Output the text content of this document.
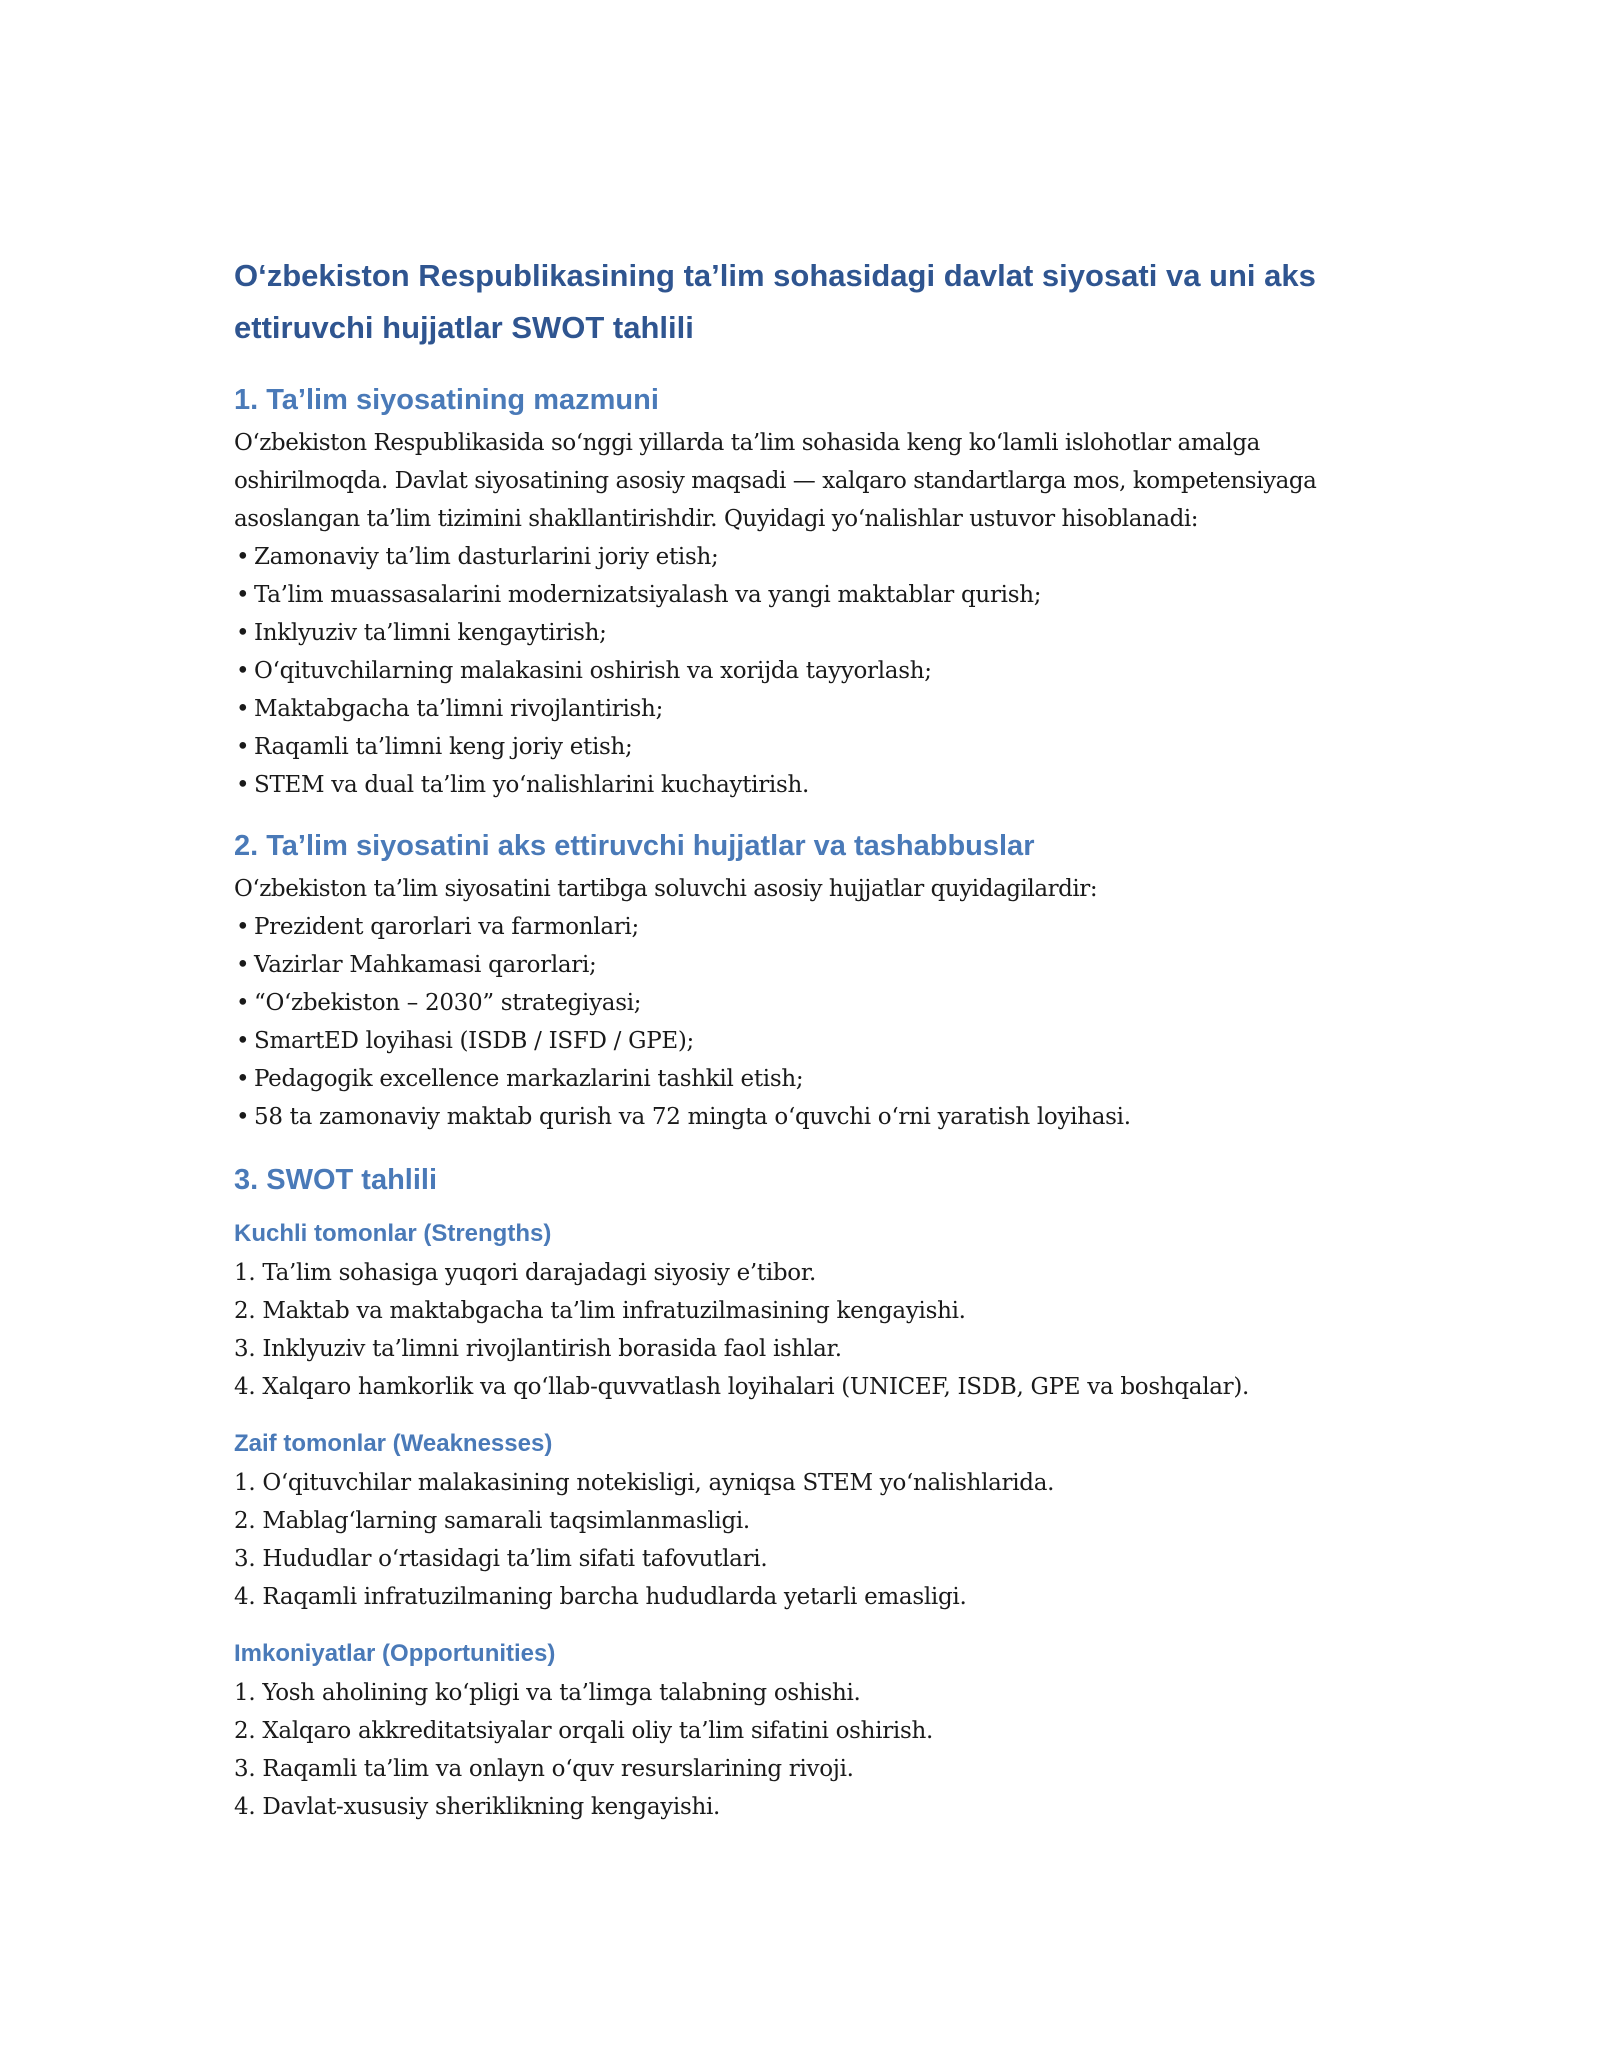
O‘zbekiston Respublikasining ta’lim sohasidagi davlat siyosati va uni aks ettiruvchi hujjatlar SWOT tahlili
1. Ta’lim siyosatining mazmuni

O‘zbekiston Respublikasida so‘nggi yillarda ta’lim sohasida keng ko‘lamli islohotlar amalga oshirilmoqda. Davlat siyosatining asosiy maqsadi — xalqaro standartlarga mos, kompetensiyaga asoslangan ta’lim tizimini shakllantirishdir. Quyidagi yo‘nalishlar ustuvor hisoblanadi:

• Zamonaviy ta’lim dasturlarini joriy etish;
• Ta’lim muassasalarini modernizatsiyalash va yangi maktablar qurish;
• Inklyuziv ta’limni kengaytirish;
• O‘qituvchilarning malakasini oshirish va xorijda tayyorlash;
• Maktabgacha ta’limni rivojlantirish;
• Raqamli ta’limni keng joriy etish;
• STEM va dual ta’lim yo‘nalishlarini kuchaytirish.
2. Ta’lim siyosatini aks ettiruvchi hujjatlar va tashabbuslar

O‘zbekiston ta’lim siyosatini tartibga soluvchi asosiy hujjatlar quyidagilardir:

• Prezident qarorlari va farmonlari;
• Vazirlar Mahkamasi qarorlari;
• “O‘zbekiston – 2030” strategiyasi;
• SmartED loyihasi (ISDB / ISFD / GPE);
• Pedagogik excellence markazlarini tashkil etish;
• 58 ta zamonaviy maktab qurish va 72 mingta o‘quvchi o‘rni yaratish loyihasi.
3. SWOT tahlili
Kuchli tomonlar (Strengths)
1. Ta’lim sohasiga yuqori darajadagi siyosiy e’tibor.
2. Maktab va maktabgacha ta’lim infratuzilmasining kengayishi.
3. Inklyuziv ta’limni rivojlantirish borasida faol ishlar.
4. Xalqaro hamkorlik va qo‘llab-quvvatlash loyihalari (UNICEF, ISDB, GPE va boshqalar).
Zaif tomonlar (Weaknesses)
1. O‘qituvchilar malakasining notekisligi, ayniqsa STEM yo‘nalishlarida.
2. Mablag‘larning samarali taqsimlanmasligi.
3. Hududlar o‘rtasidagi ta’lim sifati tafovutlari.
4. Raqamli infratuzilmaning barcha hududlarda yetarli emasligi.
Imkoniyatlar (Opportunities)
1. Yosh aholining ko‘pligi va ta’limga talabning oshishi.
2. Xalqaro akkreditatsiyalar orqali oliy ta’lim sifatini oshirish.
3. Raqamli ta’lim va onlayn o‘quv resurslarining rivoji.
4. Davlat-xususiy sheriklikning kengayishi.
